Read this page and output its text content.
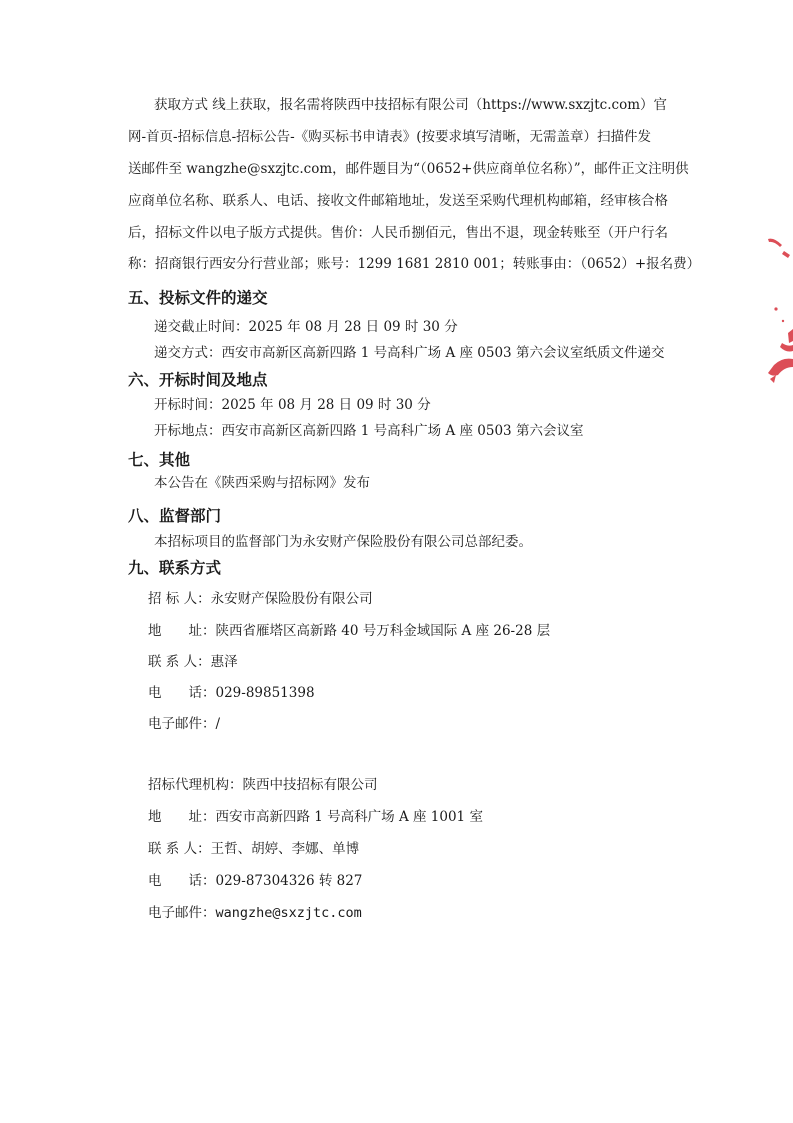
获取方式 线上获取，报名需将陕西中技招标有限公司（https://www.sxzjtc.com）官
网-首页-招标信息-招标公告-《购买标书申请表》(按要求填写清晰，无需盖章）扫描件发
送邮件至 wangzhe@sxzjtc.com，邮件题目为“（0652+供应商单位名称）”，邮件正文注明供
应商单位名称、联系人、电话、接收文件邮箱地址，发送至采购代理机构邮箱，经审核合格
后，招标文件以电子版方式提供。售价：人民币捌佰元，售出不退，现金转账至（开户行名
称：招商银行西安分行营业部；账号：1299 1681 2810 001；转账事由：（0652）+报名费）
五、投标文件的递交
递交截止时间：2025 年 08 月 28 日 09 时 30 分
递交方式：西安市高新区高新四路 1 号高科广场 A 座 0503 第六会议室纸质文件递交
六、开标时间及地点
开标时间：2025 年 08 月 28 日 09 时 30 分
开标地点：西安市高新区高新四路 1 号高科广场 A 座 0503 第六会议室
七、其他
本公告在《陕西采购与招标网》发布
八、监督部门
本招标项目的监督部门为永安财产保险股份有限公司总部纪委。
九、联系方式
招 标 人：永安财产保险股份有限公司
地　　址：陕西省雁塔区高新路 40 号万科金域国际 A 座 26-28 层
联 系 人：惠泽
电　　话：029-89851398
电子邮件：/
招标代理机构：陕西中技招标有限公司
地　　址：西安市高新四路 1 号高科广场 A 座 1001 室
联 系 人：王哲、胡婷、李娜、单博
电　　话：029-87304326 转 827
电子邮件：wangzhe@sxzjtc.com
